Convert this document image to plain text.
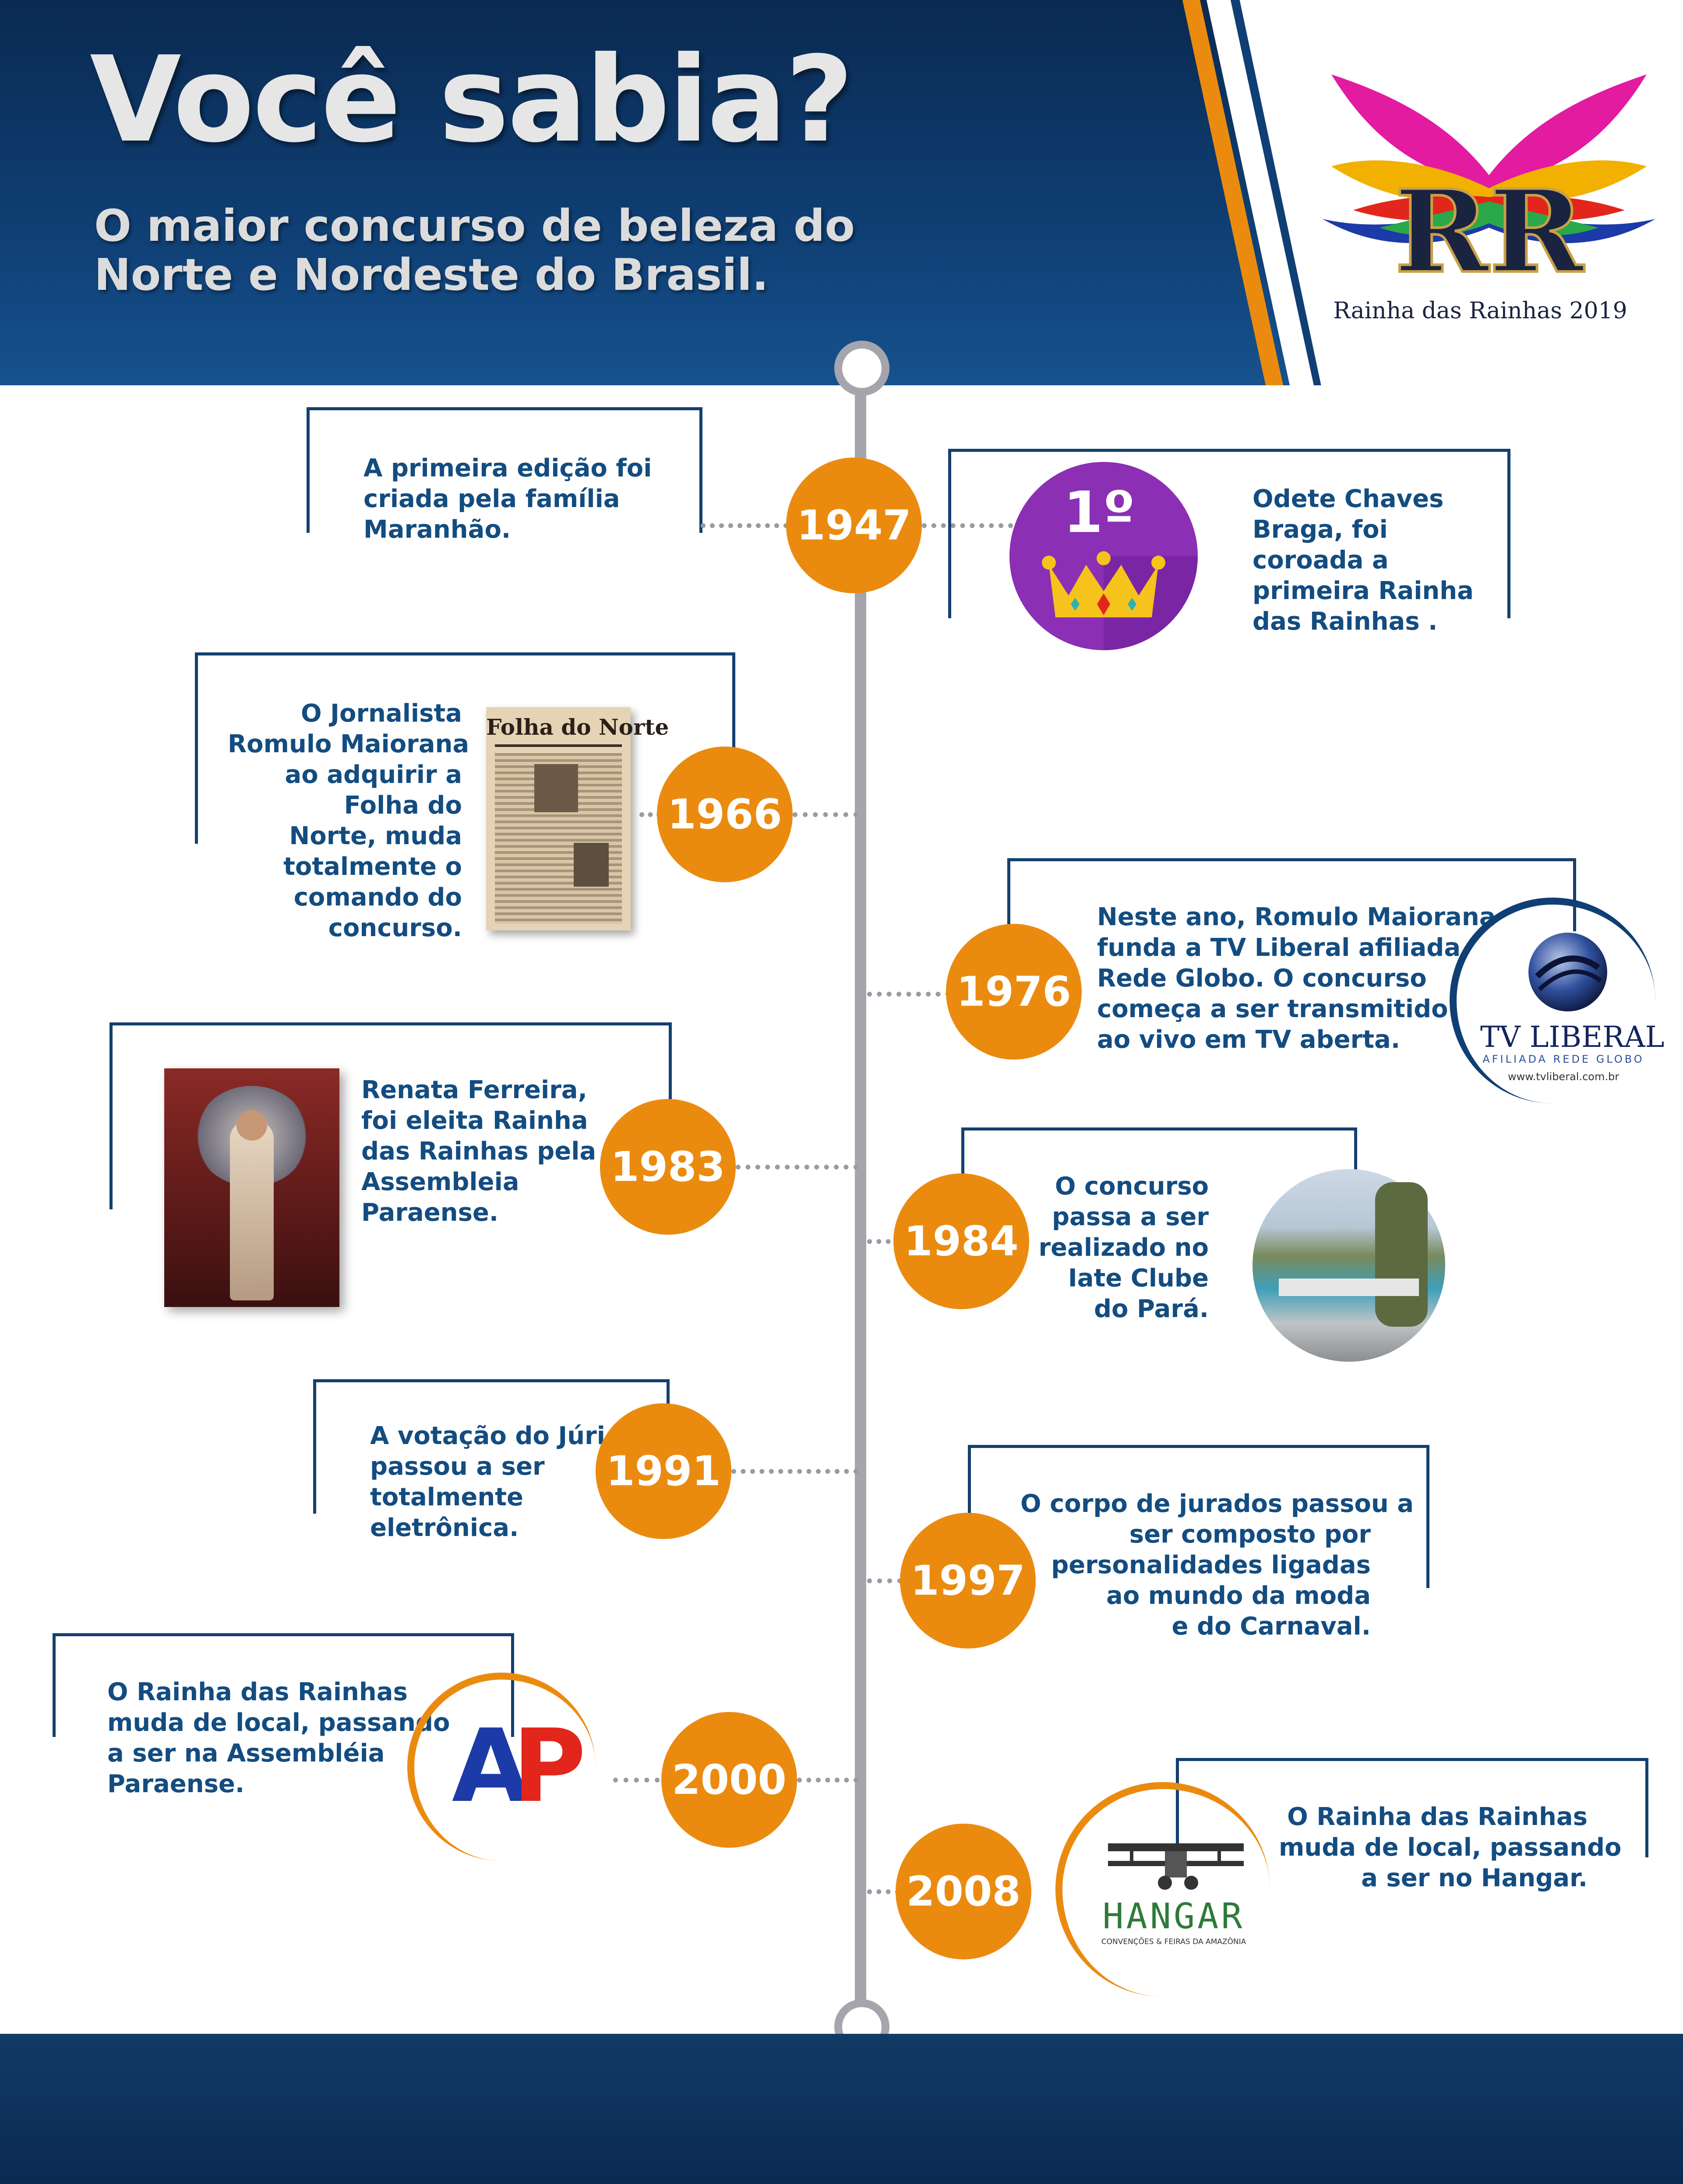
Você sabia?
O maior concurso de beleza do
Norte e Nordeste do Brasil.	RR
Rainha das Rainhas 2019
A primeira edição foi
criada pela família
Maranhão.	1947	1º	Odete Chaves
Braga, foi
coroada a
primeira Rainha
das Rainhas .
O Jornalista
Romulo Maiorana
ao adquirir a
Folha do
Norte, muda
totalmente o
comando do
concurso.
Folha do Norte
1966
1976
Neste ano, Romulo Maiorana
funda a TV Liberal afiliada
Rede Globo. O concurso
começa a ser transmitido
ao vivo em TV aberta.	TV LIBERAL
AFILIADA REDE GLOBO
www.tvliberal.com.br
Renata Ferreira,
foi eleita Rainha
das Rainhas pela
Assembleia
Paraense.
1983
1984
O concurso
passa a ser
realizado no
Iate Clube
do Pará.
A votação do Júri
passou a ser
totalmente
eletrônica.
1991
1997
O corpo de jurados passou a
ser composto por
personalidades ligadas
ao mundo da moda
e do Carnaval.
O Rainha das Rainhas
muda de local, passando
a ser na Assembléia
Paraense.	AP	2000
2008
HANGAR
CONVENÇÕES & FEIRAS DA AMAZÔNIA
O Rainha das Rainhas
muda de local, passando
a ser no Hangar.
